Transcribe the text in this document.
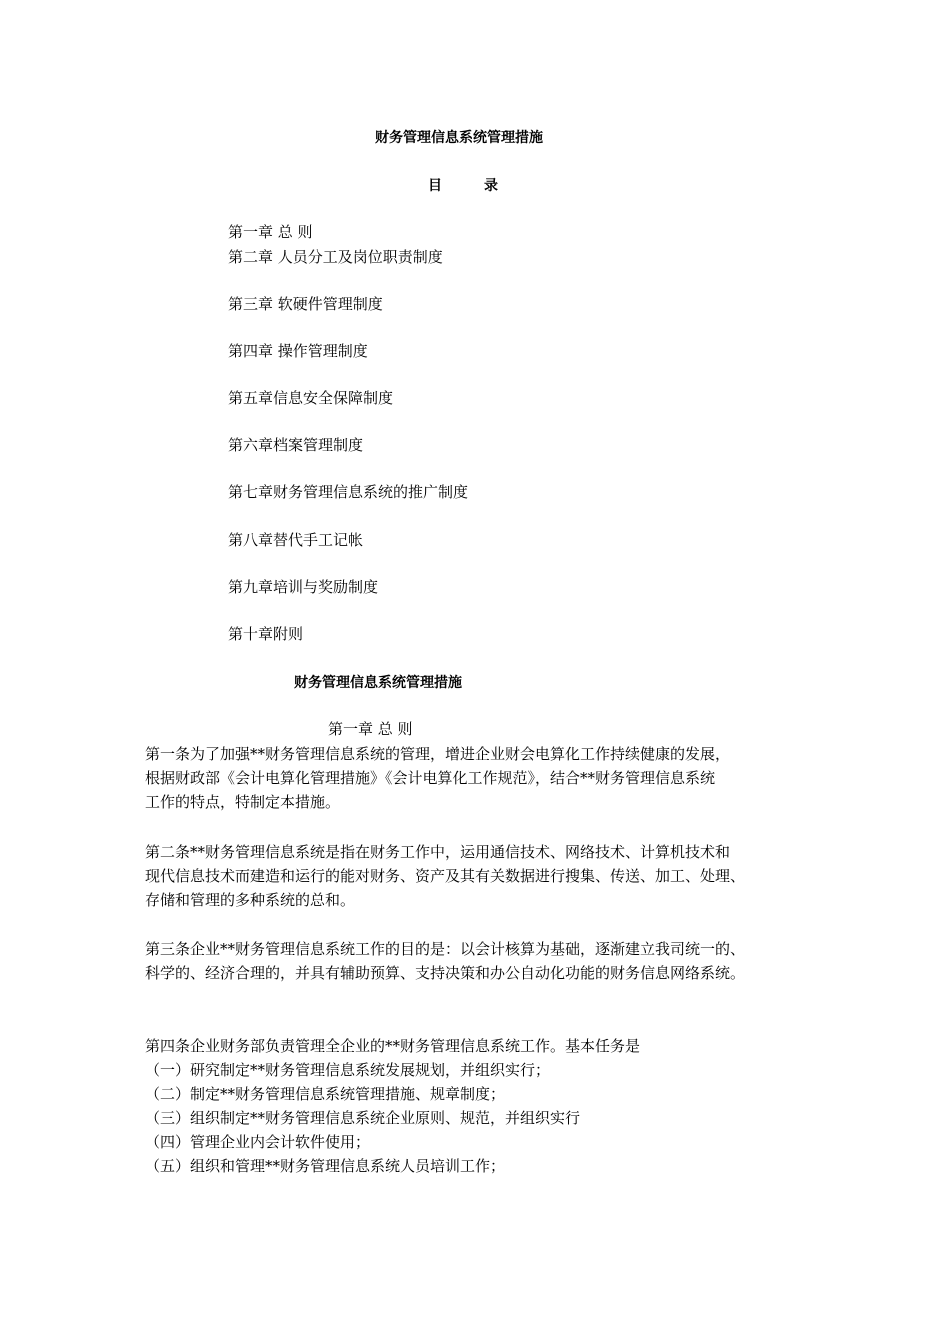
财务管理信息系统管理措施
目　　　录
第一章 总 则
第二章 人员分工及岗位职责制度
第三章 软硬件管理制度
第四章 操作管理制度
第五章信息安全保障制度
第六章档案管理制度
第七章财务管理信息系统的推广制度
第八章替代手工记帐
第九章培训与奖励制度
第十章附则
财务管理信息系统管理措施
第一章 总 则
第一条为了加强**财务管理信息系统的管理，增进企业财会电算化工作持续健康的发展，
根据财政部《会计电算化管理措施》《会计电算化工作规范》，结合**财务管理信息系统
工作的特点，特制定本措施。
第二条**财务管理信息系统是指在财务工作中，运用通信技术、网络技术、计算机技术和
现代信息技术而建造和运行的能对财务、资产及其有关数据进行搜集、传送、加工、处理、
存储和管理的多种系统的总和。
第三条企业**财务管理信息系统工作的目的是：以会计核算为基础，逐渐建立我司统一的、
科学的、经济合理的，并具有辅助预算、支持决策和办公自动化功能的财务信息网络系统。
第四条企业财务部负责管理全企业的**财务管理信息系统工作。基本任务是
（一）研究制定**财务管理信息系统发展规划，并组织实行；
（二）制定**财务管理信息系统管理措施、规章制度；
（三）组织制定**财务管理信息系统企业原则、规范，并组织实行
（四）管理企业内会计软件使用；
（五）组织和管理**财务管理信息系统人员培训工作；
